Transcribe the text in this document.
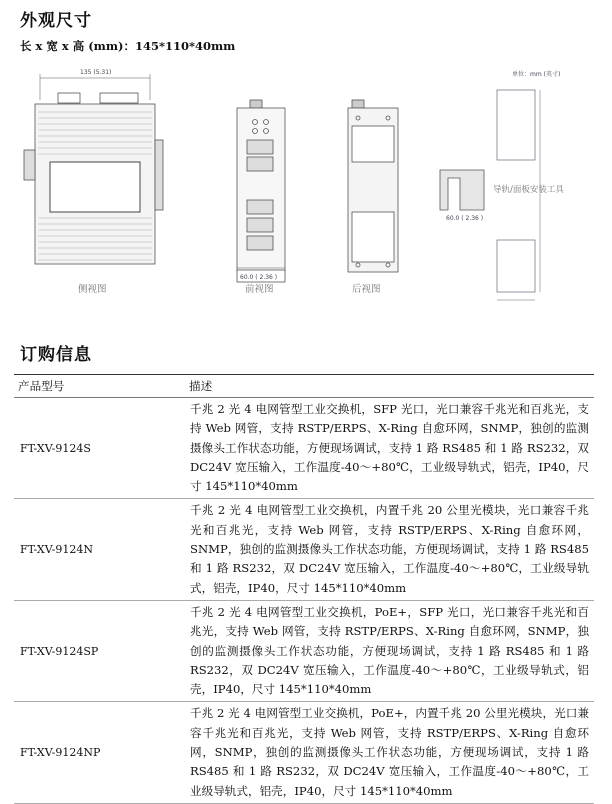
外观尺寸
长 x 宽 x 高 (mm)：145*110*40mm
135 (5.31)
侧视图
60.0 ( 2.36 )
前视图	后视图
60.0 ( 2.36 )
单位：mm (英寸)
导轨/面板安装工具
订购信息
产品型号	描述
FT-XV-9124S	千兆 2 光 4 电网管型工业交换机，SFP 光口，光口兼容千兆光和百兆光，支持 Web 网管，支持 RSTP/ERPS、X-Ring 自愈环网，SNMP，独创的监测摄像头工作状态功能，方便现场调试，支持 1 路 RS485 和 1 路 RS232，双 DC24V 宽压输入，工作温度-40～+80℃，工业级导轨式，铝壳，IP40，尺寸 145*110*40mm
FT-XV-9124N	千兆 2 光 4 电网管型工业交换机，内置千兆 20 公里光模块，光口兼容千兆光和百兆光，支持 Web 网管，支持 RSTP/ERPS、X-Ring 自愈环网，SNMP，独创的监测摄像头工作状态功能，方便现场调试，支持 1 路 RS485 和 1 路 RS232，双 DC24V 宽压输入，工作温度-40～+80℃，工业级导轨式，铝壳，IP40，尺寸 145*110*40mm
FT-XV-9124SP	千兆 2 光 4 电网管型工业交换机，PoE+，SFP 光口，光口兼容千兆光和百兆光，支持 Web 网管，支持 RSTP/ERPS、X-Ring 自愈环网，SNMP，独创的监测摄像头工作状态功能，方便现场调试，支持 1 路 RS485 和 1 路 RS232，双 DC24V 宽压输入，工作温度-40～+80℃，工业级导轨式，铝壳，IP40，尺寸 145*110*40mm
FT-XV-9124NP	千兆 2 光 4 电网管型工业交换机，PoE+，内置千兆 20 公里光模块，光口兼容千兆光和百兆光，支持 Web 网管，支持 RSTP/ERPS、X-Ring 自愈环网，SNMP，独创的监测摄像头工作状态功能，方便现场调试，支持 1 路 RS485 和 1 路 RS232，双 DC24V 宽压输入，工作温度-40～+80℃，工业级导轨式，铝壳，IP40，尺寸 145*110*40mm
